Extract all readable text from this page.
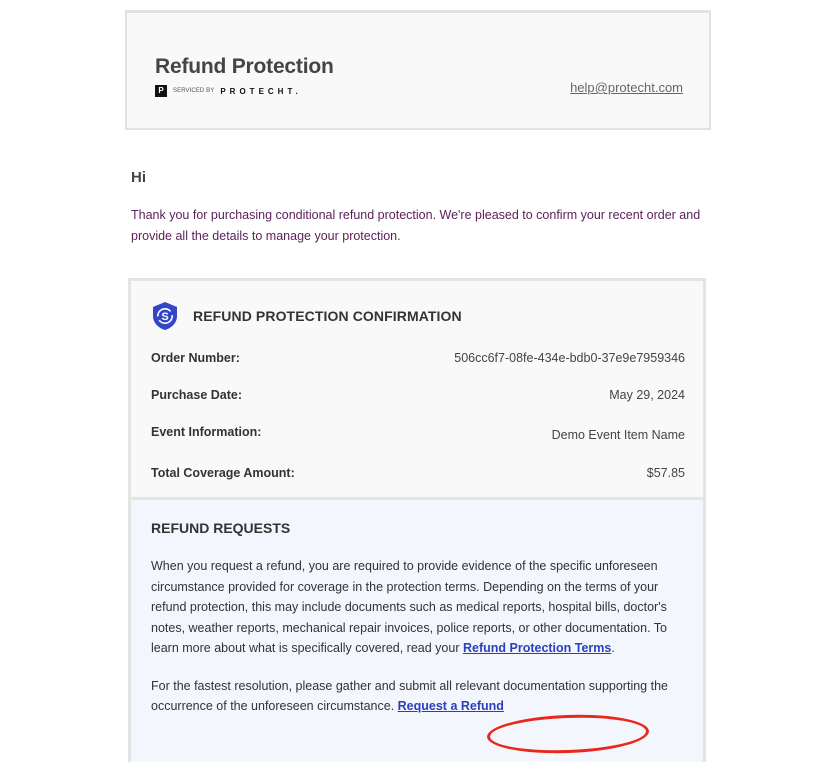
Refund Protection
P	SERVICED BY PROTECHT.	help@protecht.com
Hi
Thank you for purchasing conditional refund protection. We're pleased to confirm your recent order and provide all the details to manage your protection.
S REFUND PROTECTION CONFIRMATION
Order Number:	506cc6f7-08fe-434e-bdb0-37e9e7959346
Purchase Date:	May 29, 2024
Event Information:	Demo Event Item Name
Total Coverage Amount:	$57.85
REFUND REQUESTS

When you request a refund, you are required to provide evidence of the specific unforeseen circumstance provided for coverage in the protection terms. Depending on the terms of your refund protection, this may include documents such as medical reports, hospital bills, doctor's notes, weather reports, mechanical repair invoices, police reports, or other documentation. To learn more about what is specifically covered, read your Refund Protection Terms.

For the fastest resolution, please gather and submit all relevant documentation supporting the occurrence of the unforeseen circumstance. Request a Refund
